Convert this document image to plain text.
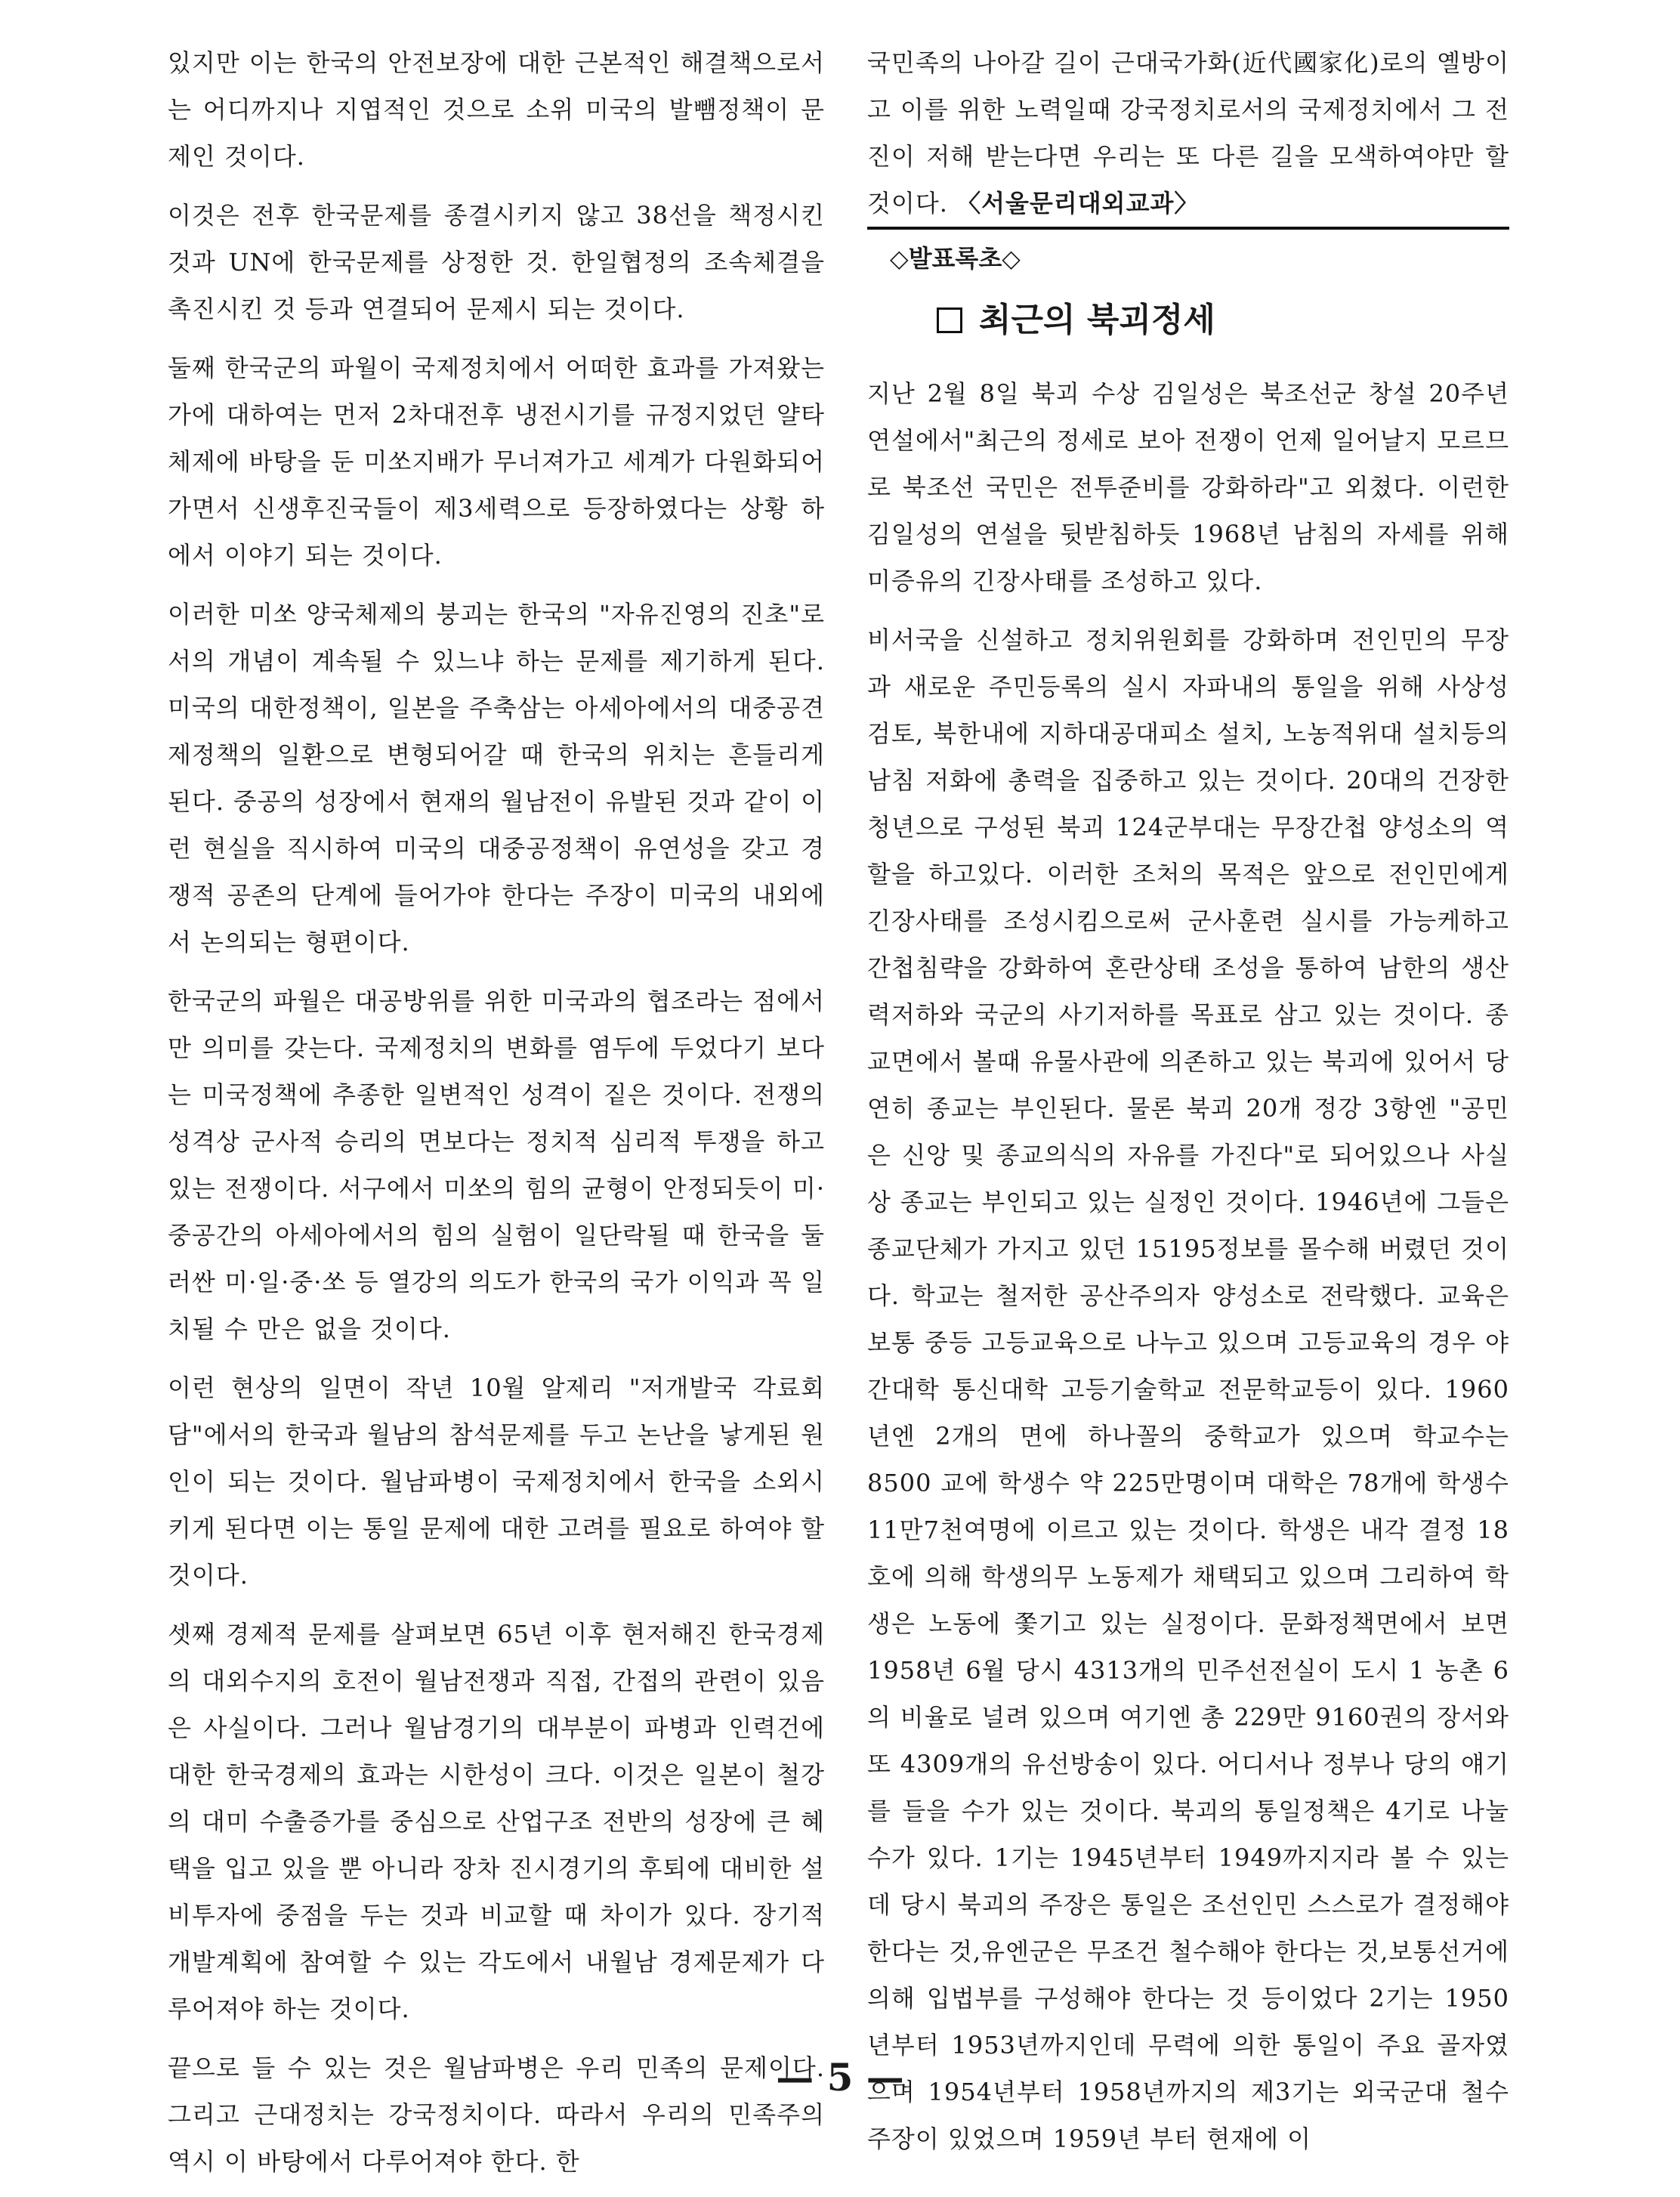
있지만 이는 한국의 안전보장에 대한 근본적인 해결책으로서는 어디까지나 지엽적인 것으로 소위 미국의 발뺌정책이 문제인 것이다.

이것은 전후 한국문제를 종결시키지 않고 38선을 책정시킨 것과 UN에 한국문제를 상정한 것. 한일협정의 조속체결을 촉진시킨 것 등과 연결되어 문제시 되는 것이다.

둘째 한국군의 파월이 국제정치에서 어떠한 효과를 가져왔는가에 대하여는 먼저 2차대전후 냉전시기를 규정지었던 얄타체제에 바탕을 둔 미쏘지배가 무너져가고 세계가 다원화되어 가면서 신생후진국들이 제3세력으로 등장하였다는 상황 하에서 이야기 되는 것이다.

이러한 미쏘 양국체제의 붕괴는 한국의 "자유진영의 진초"로서의 개념이 계속될 수 있느냐 하는 문제를 제기하게 된다. 미국의 대한정책이, 일본을 주축삼는 아세아에서의 대중공견제정책의 일환으로 변형되어갈 때 한국의 위치는 흔들리게 된다. 중공의 성장에서 현재의 월남전이 유발된 것과 같이 이런 현실을 직시하여 미국의 대중공정책이 유연성을 갖고 경쟁적 공존의 단계에 들어가야 한다는 주장이 미국의 내외에서 논의되는 형편이다.

한국군의 파월은 대공방위를 위한 미국과의 협조라는 점에서만 의미를 갖는다. 국제정치의 변화를 염두에 두었다기 보다는 미국정책에 추종한 일변적인 성격이 짙은 것이다. 전쟁의 성격상 군사적 승리의 면보다는 정치적 심리적 투쟁을 하고 있는 전쟁이다. 서구에서 미쏘의 힘의 균형이 안정되듯이 미·중공간의 아세아에서의 힘의 실험이 일단락될 때 한국을 둘러싼 미·일·중·쏘 등 열강의 의도가 한국의 국가 이익과 꼭 일치될 수 만은 없을 것이다.

이런 현상의 일면이 작년 10월 알제리 "저개발국 각료회담"에서의 한국과 월남의 참석문제를 두고 논난을 낳게된 원인이 되는 것이다. 월남파병이 국제정치에서 한국을 소외시키게 된다면 이는 통일 문제에 대한 고려를 필요로 하여야 할 것이다.

셋째 경제적 문제를 살펴보면 65년 이후 현저해진 한국경제의 대외수지의 호전이 월남전쟁과 직접, 간접의 관련이 있음은 사실이다. 그러나 월남경기의 대부분이 파병과 인력건에 대한 한국경제의 효과는 시한성이 크다. 이것은 일본이 철강의 대미 수출증가를 중심으로 산업구조 전반의 성장에 큰 혜택을 입고 있을 뿐 아니라 장차 진시경기의 후퇴에 대비한 설비투자에 중점을 두는 것과 비교할 때 차이가 있다. 장기적 개발계획에 참여할 수 있는 각도에서 내월남 경제문제가 다루어져야 하는 것이다.

끝으로 들 수 있는 것은 월남파병은 우리 민족의 문제이다. 그리고 근대정치는 강국정치이다. 따라서 우리의 민족주의 역시 이 바탕에서 다루어져야 한다. 한

국민족의 나아갈 길이 근대국가화(近代國家化)로의 옐방이고 이를 위한 노력일때 강국정치로서의 국제정치에서 그 전진이 저해 받는다면 우리는 또 다른 길을 모색하여야만 할 것이다. 〈서울문리대외교과〉

◇발표록초◇
최근의 북괴정세

지난 2월 8일 북괴 수상 김일성은 북조선군 창설 20주년 연설에서"최근의 정세로 보아 전쟁이 언제 일어날지 모르므로 북조선 국민은 전투준비를 강화하라"고 외쳤다. 이런한 김일성의 연설을 뒷받침하듯 1968년 남침의 자세를 위해 미증유의 긴장사태를 조성하고 있다.

비서국을 신설하고 정치위원회를 강화하며 전인민의 무장과 새로운 주민등록의 실시 자파내의 통일을 위해 사상성 검토, 북한내에 지하대공대피소 설치, 노농적위대 설치등의 남침 저화에 총력을 집중하고 있는 것이다. 20대의 건장한 청년으로 구성된 북괴 124군부대는 무장간첩 양성소의 역할을 하고있다. 이러한 조처의 목적은 앞으로 전인민에게 긴장사태를 조성시킴으로써 군사훈련 실시를 가능케하고 간첩침략을 강화하여 혼란상태 조성을 통하여 남한의 생산력저하와 국군의 사기저하를 목표로 삼고 있는 것이다. 종교면에서 볼때 유물사관에 의존하고 있는 북괴에 있어서 당연히 종교는 부인된다. 물론 북괴 20개 정강 3항엔 "공민은 신앙 및 종교의식의 자유를 가진다"로 되어있으나 사실상 종교는 부인되고 있는 실정인 것이다. 1946년에 그들은 종교단체가 가지고 있던 15195정보를 몰수해 버렸던 것이다. 학교는 철저한 공산주의자 양성소로 전락했다. 교육은 보통 중등 고등교육으로 나누고 있으며 고등교육의 경우 야간대학 통신대학 고등기술학교 전문학교등이 있다. 1960년엔 2개의 면에 하나꼴의 중학교가 있으며 학교수는 8500 교에 학생수 약 225만명이며 대학은 78개에 학생수 11만7천여명에 이르고 있는 것이다. 학생은 내각 결정 18호에 의해 학생의무 노동제가 채택되고 있으며 그리하여 학생은 노동에 쫓기고 있는 실정이다. 문화정책면에서 보면 1958년 6월 당시 4313개의 민주선전실이 도시 1 농촌 6의 비율로 널려 있으며 여기엔 총 229만 9160권의 장서와 또 4309개의 유선방송이 있다. 어디서나 정부나 당의 얘기를 들을 수가 있는 것이다. 북괴의 통일정책은 4기로 나눌수가 있다. 1기는 1945년부터 1949까지지라 볼 수 있는데 당시 북괴의 주장은 통일은 조선인민 스스로가 결정해야 한다는 것,유엔군은 무조건 철수해야 한다는 것,보통선거에 의해 입법부를 구성해야 한다는 것 등이었다 2기는 1950년부터 1953년까지인데 무력에 의한 통일이 주요 골자였으며 1954년부터 1958년까지의 제3기는 외국군대 철수 주장이 있었으며 1959년 부터 현재에 이

— 5 —
